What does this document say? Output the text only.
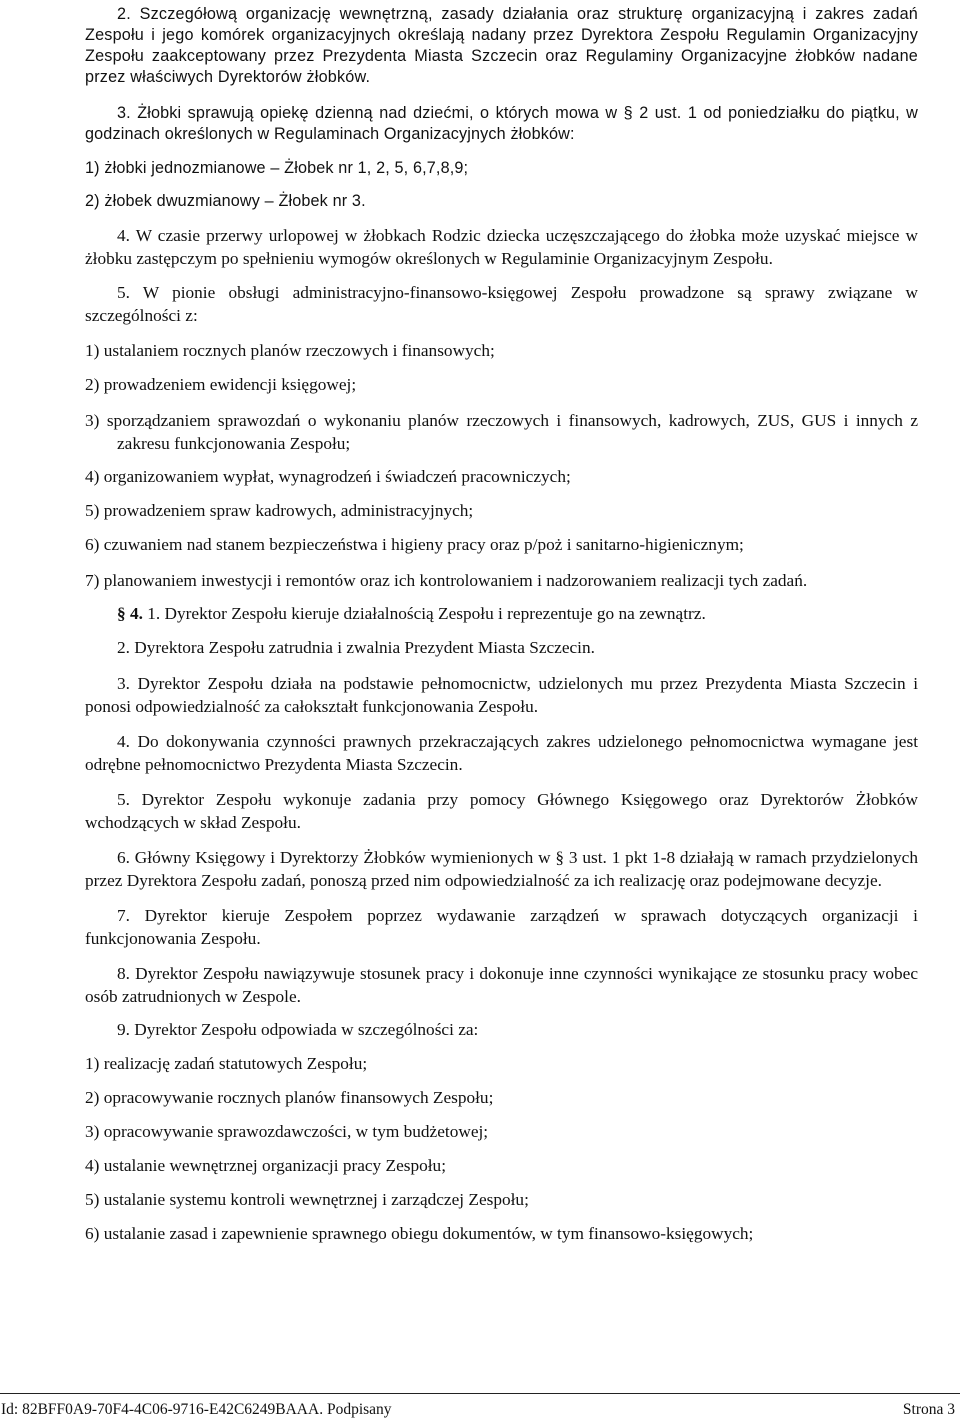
2. Szczegółową organizację wewnętrzną, zasady działania oraz strukturę organizacyjną i zakres zadań Zespołu i jego komórek organizacyjnych określają nadany przez Dyrektora Zespołu Regulamin Organizacyjny Zespołu zaakceptowany przez Prezydenta Miasta Szczecin oraz Regulaminy Organizacyjne żłobków nadane przez właściwych Dyrektorów żłobków.

3. Żłobki sprawują opiekę dzienną nad dziećmi, o których mowa w § 2 ust. 1 od poniedziałku do piątku, w godzinach określonych w Regulaminach Organizacyjnych żłobków:

1) żłobki jednozmianowe – Żłobek nr 1, 2, 5, 6,7,8,9;

2) żłobek dwuzmianowy – Żłobek nr 3.

4. W czasie przerwy urlopowej w żłobkach Rodzic dziecka uczęszczającego do żłobka może uzyskać miejsce w żłobku zastępczym po spełnieniu wymogów określonych w Regulaminie Organizacyjnym Zespołu.

5. W pionie obsługi administracyjno-finansowo-księgowej Zespołu prowadzone są sprawy związane w szczególności z:

1) ustalaniem rocznych planów rzeczowych i finansowych;

2) prowadzeniem ewidencji księgowej;

3) sporządzaniem sprawozdań o wykonaniu planów rzeczowych i finansowych, kadrowych, ZUS, GUS i innych z zakresu funkcjonowania Zespołu;

4) organizowaniem wypłat, wynagrodzeń i świadczeń pracowniczych;

5) prowadzeniem spraw kadrowych, administracyjnych;

6) czuwaniem nad stanem bezpieczeństwa i higieny pracy oraz p/poż i sanitarno-higienicznym;

7) planowaniem inwestycji i remontów oraz ich kontrolowaniem i nadzorowaniem realizacji tych zadań.

§ 4. 1. Dyrektor Zespołu kieruje działalnością Zespołu i reprezentuje go na zewnątrz.

2. Dyrektora Zespołu zatrudnia i zwalnia Prezydent Miasta Szczecin.

3. Dyrektor Zespołu działa na podstawie pełnomocnictw, udzielonych mu przez Prezydenta Miasta Szczecin i ponosi odpowiedzialność za całokształt funkcjonowania Zespołu.

4. Do dokonywania czynności prawnych przekraczających zakres udzielonego pełnomocnictwa wymagane jest odrębne pełnomocnictwo Prezydenta Miasta Szczecin.

5. Dyrektor Zespołu wykonuje zadania przy pomocy Głównego Księgowego oraz Dyrektorów Żłobków wchodzących w skład Zespołu.

6. Główny Księgowy i Dyrektorzy Żłobków wymienionych w § 3 ust. 1 pkt 1-8 działają w ramach przydzielonych przez Dyrektora Zespołu zadań, ponoszą przed nim odpowiedzialność za ich realizację oraz podejmowane decyzje.

7. Dyrektor kieruje Zespołem poprzez wydawanie zarządzeń w sprawach dotyczących organizacji i funkcjonowania Zespołu.

8. Dyrektor Zespołu nawiązywuje stosunek pracy i dokonuje inne czynności wynikające ze stosunku pracy wobec osób zatrudnionych w Zespole.

9. Dyrektor Zespołu odpowiada w szczególności za:

1) realizację zadań statutowych Zespołu;

2) opracowywanie rocznych planów finansowych Zespołu;

3) opracowywanie sprawozdawczości, w tym budżetowej;

4) ustalanie wewnętrznej organizacji pracy Zespołu;

5) ustalanie systemu kontroli wewnętrznej i zarządczej Zespołu;

6) ustalanie zasad i zapewnienie sprawnego obiegu dokumentów, w tym finansowo-księgowych;

Id: 82BFF0A9-70F4-4C06-9716-E42C6249BAAA. Podpisany	Strona 3
